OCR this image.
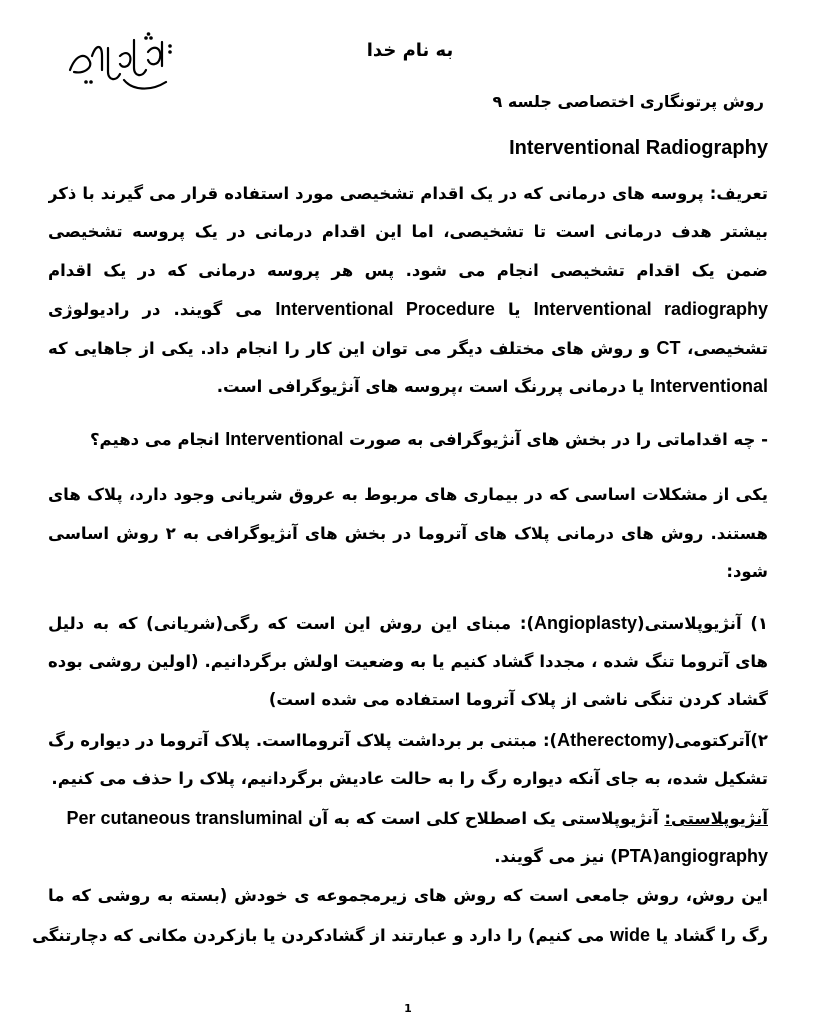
به نام خدا
روش پرتونگاری اختصاصی جلسه ۹
Interventional Radiography
تعریف: پروسه های درمانی که در یک اقدام تشخیصی مورد استفاده قرار می گیرند با ذکر
بیشتر هدف درمانی است تا تشخیصی، اما این اقدام درمانی در یک پروسه تشخیصی
ضمن یک اقدام تشخیصی انجام می شود. پس هر پروسه درمانی که در یک اقدام
Interventional radiography یا Interventional Procedure می گویند. در رادیولوژی
تشخیصی، CT و روش های مختلف دیگر می توان این کار را انجام داد. یکی از جاهایی که
Interventional یا درمانی پررنگ است ،پروسه های آنژیوگرافی است.
- چه اقداماتی را در بخش های آنژیوگرافی به صورت Interventional انجام می دهیم؟
یکی از مشکلات اساسی که در بیماری های مربوط به عروق شریانی وجود دارد، پلاک های
هستند. روش های درمانی پلاک های آتروما در بخش های آنژیوگرافی به ۲ روش اساسی
شود:
۱) آنژیوپلاستی(Angioplasty): مبنای این روش این است که رگی(شریانی) که به دلیل
های آتروما تنگ شده ، مجددا گشاد کنیم یا به وضعیت اولش برگردانیم. (اولین روشی بوده
گشاد کردن تنگی ناشی از پلاک آتروما استفاده می شده است)
۲)آترکتومی(Atherectomy): مبتنی بر برداشت پلاک آترومااست. پلاک آتروما در دیواره رگ
تشکیل شده، به جای آنکه دیواره رگ را به حالت عادیش برگردانیم، پلاک را حذف می کنیم.
آنژیوپلاستی: آنژیوپلاستی یک اصطلاح کلی است که به آن Per cutaneous transluminal
angiography(PTA) نیز می گویند.
این روش، روش جامعی است که روش های زیرمجموعه ی خودش (بسته به روشی که ما
رگ را گشاد یا wide می کنیم) را دارد و عبارتند از گشادکردن یا بازکردن مکانی که دچارتنگی
1
